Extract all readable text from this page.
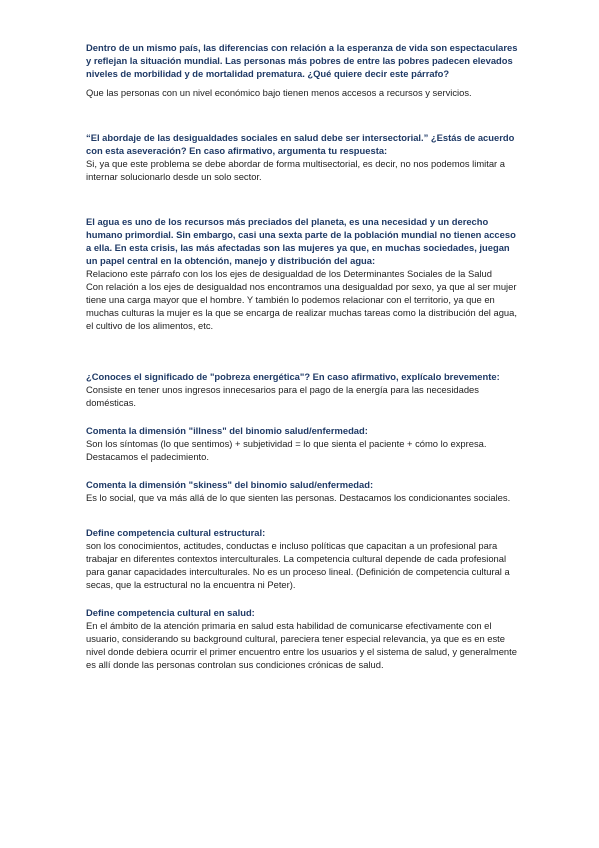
Dentro de un mismo país, las diferencias con relación a la esperanza de vida son espectaculares y reflejan la situación mundial. Las personas más pobres de entre las pobres padecen elevados niveles de morbilidad y de mortalidad prematura. ¿Qué quiere decir este párrafo?

Que las personas con un nivel económico bajo tienen menos accesos a recursos y servicios.

“El abordaje de las desigualdades sociales en salud debe ser intersectorial.” ¿Estás de acuerdo con esta aseveración? En caso afirmativo, argumenta tu respuesta:

Si, ya que este problema se debe abordar de forma multisectorial, es decir, no nos podemos limitar a internar solucionarlo desde un solo sector.

El agua es uno de los recursos más preciados del planeta, es una necesidad y un derecho humano primordial. Sin embargo, casi una sexta parte de la población mundial no tienen acceso a ella. En esta crisis, las más afectadas son las mujeres ya que, en muchas sociedades, juegan un papel central en la obtención, manejo y distribución del agua:

Relaciono este párrafo con los los ejes de desigualdad de los Determinantes Sociales de la Salud

Con relación a los ejes de desigualdad nos encontramos una desigualdad por sexo, ya que al ser mujer tiene una carga mayor que el hombre. Y también lo podemos relacionar con el territorio, ya que en muchas culturas la mujer es la que se encarga de realizar muchas tareas como la distribución del agua, el cultivo de los alimentos, etc.

¿Conoces el significado de "pobreza energética"? En caso afirmativo, explícalo brevemente:

Consiste en tener unos ingresos innecesarios para el pago de la energía para las necesidades domésticas.

Comenta la dimensión "illness" del binomio salud/enfermedad:

Son los síntomas (lo que sentimos) + subjetividad = lo que sienta el paciente + cómo lo expresa. Destacamos el padecimiento.

Comenta la dimensión "skiness" del binomio salud/enfermedad:

Es lo social, que va más allá de lo que sienten las personas. Destacamos los condicionantes sociales.

Define competencia cultural estructural:

son los conocimientos, actitudes, conductas e incluso políticas que capacitan a un profesional para trabajar en diferentes contextos interculturales. La competencia cultural depende de cada profesional para ganar capacidades interculturales. No es un proceso lineal. (Definición de competencia cultural a secas, que la estructural no la encuentra ni Peter).

Define competencia cultural en salud:

En el ámbito de la atención primaria en salud esta habilidad de comunicarse efectivamente con el usuario, considerando su background cultural, pareciera tener especial relevancia, ya que es en este nivel donde debiera ocurrir el primer encuentro entre los usuarios y el sistema de salud, y generalmente es allí donde las personas controlan sus condiciones crónicas de salud.
